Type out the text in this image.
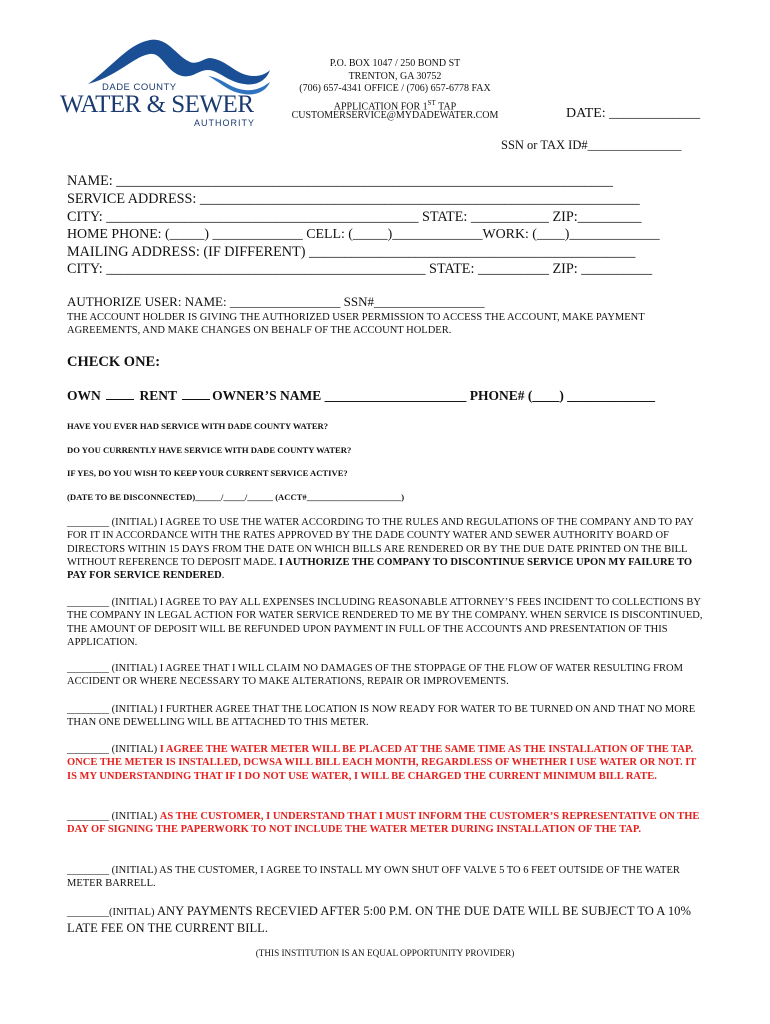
DADE COUNTY
WATER & SEWER
AUTHORITY
P.O. BOX 1047 / 250 BOND ST
TRENTON, GA 30752
(706) 657-4341 OFFICE / (706) 657-6778 FAX
APPLICATION FOR 1ST TAP
CUSTOMERSERVICE@MYDADEWATER.COM	DATE: _____________
SSN or TAX ID#_______________
NAME: ______________________________________________________________________
SERVICE ADDRESS: ______________________________________________________________
CITY: ____________________________________________ STATE: ___________ ZIP:_________
HOME PHONE: (_____) _____________ CELL: (_____)_____________WORK: (____)_____________
MAILING ADDRESS: (IF DIFFERENT) ______________________________________________
CITY: _____________________________________________ STATE: __________ ZIP: __________
AUTHORIZE USER: NAME: _________________ SSN#_________________
THE ACCOUNT HOLDER IS GIVING THE AUTHORIZED USER PERMISSION TO ACCESS THE ACCOUNT, MAKE PAYMENT AGREEMENTS, AND MAKE CHANGES ON BEHALF OF THE ACCOUNT HOLDER.
CHECK ONE:
OWN	RENT	OWNER’S NAME _____________________ PHONE# (____) _____________
HAVE YOU EVER HAD SERVICE WITH DADE COUNTY WATER?
DO YOU CURRENTLY HAVE SERVICE WITH DADE COUNTY WATER?
IF YES, DO YOU WISH TO KEEP YOUR CURRENT SERVICE ACTIVE?
(DATE TO BE DISCONNECTED)______/_____/______ (ACCT#______________________)
________ (INITIAL) I AGREE TO USE THE WATER ACCORDING TO THE RULES AND REGULATIONS OF THE COMPANY AND TO PAY FOR IT IN ACCORDANCE WITH THE RATES APPROVED BY THE DADE COUNTY WATER AND SEWER AUTHORITY BOARD OF DIRECTORS WITHIN 15 DAYS FROM THE DATE ON WHICH BILLS ARE RENDERED OR BY THE DUE DATE PRINTED ON THE BILL WITHOUT REFERENCE TO DEPOSIT MADE. I AUTHORIZE THE COMPANY TO DISCONTINUE SERVICE UPON MY FAILURE TO PAY FOR SERVICE RENDERED.
________ (INITIAL) I AGREE TO PAY ALL EXPENSES INCLUDING REASONABLE ATTORNEY’S FEES INCIDENT TO COLLECTIONS BY THE COMPANY IN LEGAL ACTION FOR WATER SERVICE RENDERED TO ME BY THE COMPANY. WHEN SERVICE IS DISCONTINUED, THE AMOUNT OF DEPOSIT WILL BE REFUNDED UPON PAYMENT IN FULL OF THE ACCOUNTS AND PRESENTATION OF THIS APPLICATION.
________ (INITIAL) I AGREE THAT I WILL CLAIM NO DAMAGES OF THE STOPPAGE OF THE FLOW OF WATER RESULTING FROM ACCIDENT OR WHERE NECESSARY TO MAKE ALTERATIONS, REPAIR OR IMPROVEMENTS.
________ (INITIAL) I FURTHER AGREE THAT THE LOCATION IS NOW READY FOR WATER TO BE TURNED ON AND THAT NO MORE THAN ONE DEWELLING WILL BE ATTACHED TO THIS METER.
________ (INITIAL) I AGREE THE WATER METER WILL BE PLACED AT THE SAME TIME AS THE INSTALLATION OF THE TAP. ONCE THE METER IS INSTALLED, DCWSA WILL BILL EACH MONTH, REGARDLESS OF WHETHER I USE WATER OR NOT. IT IS MY UNDERSTANDING THAT IF I DO NOT USE WATER, I WILL BE CHARGED THE CURRENT MINIMUM BILL RATE.
________ (INITIAL) AS THE CUSTOMER, I UNDERSTAND THAT I MUST INFORM THE CUSTOMER’S REPRESENTATIVE ON THE DAY OF SIGNING THE PAPERWORK TO NOT INCLUDE THE WATER METER DURING INSTALLATION OF THE TAP.
________ (INITIAL) AS THE CUSTOMER, I AGREE TO INSTALL MY OWN SHUT OFF VALVE 5 TO 6 FEET OUTSIDE OF THE WATER METER BARRELL.
________(INITIAL) ANY PAYMENTS RECEVIED AFTER 5:00 P.M. ON THE DUE DATE WILL BE SUBJECT TO A 10% LATE FEE ON THE CURRENT BILL.
(THIS INSTITUTION IS AN EQUAL OPPORTUNITY PROVIDER)
